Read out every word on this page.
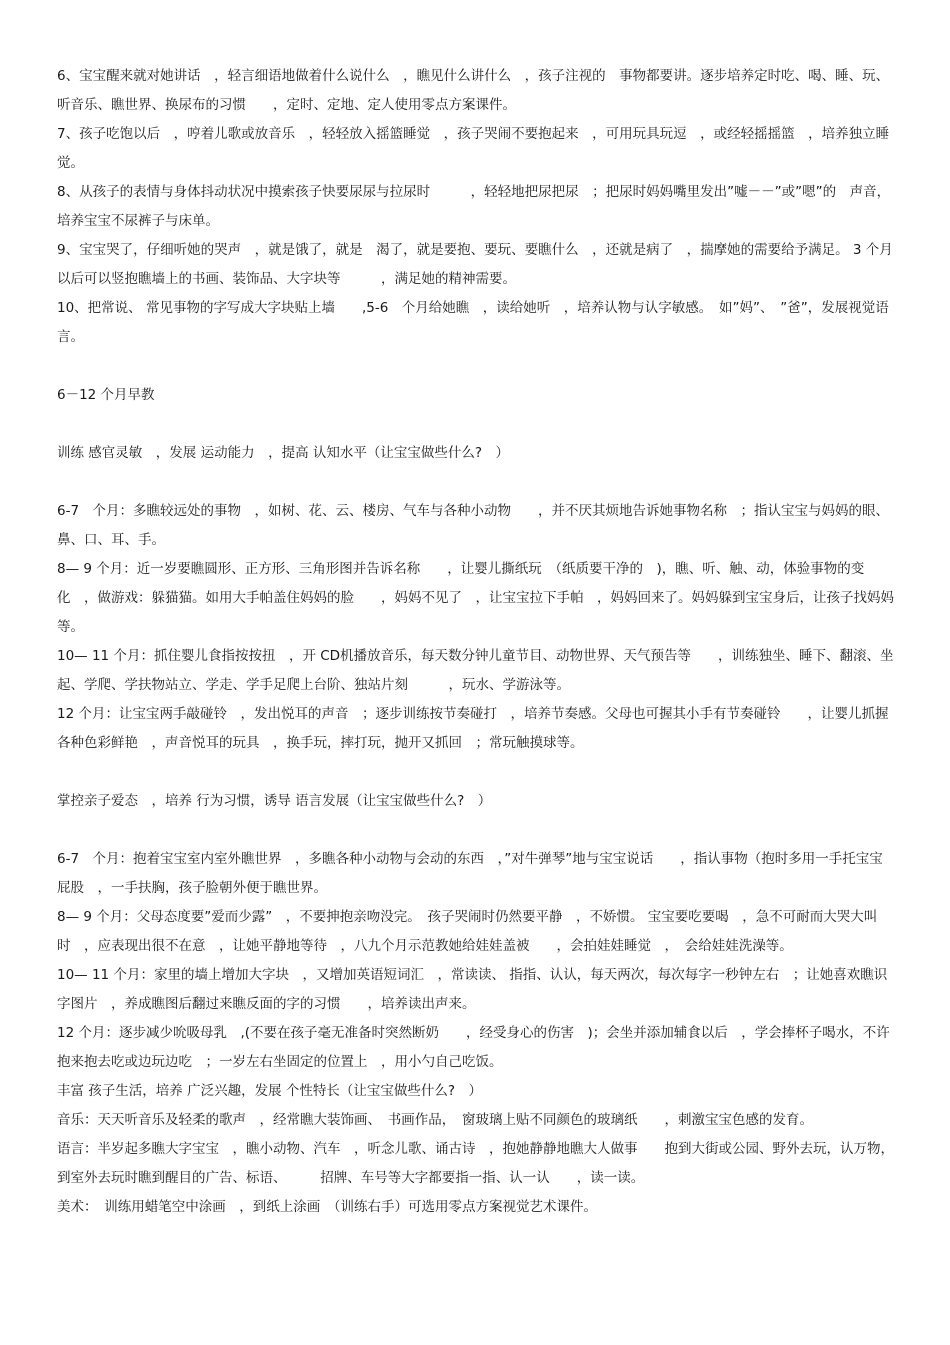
6、宝宝醒来就对她讲话　，轻言细语地做着什么说什么　，瞧见什么讲什么　，孩子注视的　事物都要讲。逐步培养定时吃、喝、睡、玩、听音乐、瞧世界、换尿布的习惯　　，定时、定地、定人使用零点方案课件。

7、孩子吃饱以后　，哼着儿歌或放音乐　，轻轻放入摇篮睡觉　，孩子哭闹不要抱起来　，可用玩具玩逗　，或经轻摇摇篮　，培养独立睡觉。

8、从孩子的表情与身体抖动状况中摸索孩子快要尿尿与拉尿时　　　，轻轻地把尿把尿　；把尿时妈妈嘴里发出”嘘－－”或”嗯”的　声音，培养宝宝不尿裤子与床单。

9、宝宝哭了，仔细听她的哭声　，就是饿了，就是　渴了，就是要抱、要玩、要瞧什么　，还就是病了　，揣摩她的需要给予满足。 3 个月以后可以竖抱瞧墙上的书画、装饰品、大字块等　　　，满足她的精神需要。

10、把常说、 常见事物的字写成大字块贴上墙　　,5-6　个月给她瞧　，读给她听　，培养认物与认字敏感。　如”妈”、　”爸”，发展视觉语言。

6－12 个月早教

训练 感官灵敏　，发展 运动能力　，提高 认知水平（让宝宝做些什么?　）

6-7　个月：多瞧较远处的事物　，如树、花、云、楼房、气车与各种小动物　　，并不厌其烦地告诉她事物名称　；指认宝宝与妈妈的眼、鼻、口、耳、手。

8— 9 个月：近一岁要瞧圆形、正方形、三角形图并告诉名称　　，让婴儿撕纸玩　（纸质要干净的　)，瞧、听、触、动，体验事物的变化　，做游戏：躲猫猫。如用大手帕盖住妈妈的脸　　，妈妈不见了　，让宝宝拉下手帕　，妈妈回来了。妈妈躲到宝宝身后，让孩子找妈妈等。

10— 11 个月：抓住婴儿食指按按扭　，开 CD机播放音乐，每天数分钟儿童节目、动物世界、天气预告等　　，训练独坐、睡下、翻滚、坐起、学爬、学扶物站立、学走、学手足爬上台阶、独站片刻　　　，玩水、学游泳等。

12 个月：让宝宝两手敲碰铃　，发出悦耳的声音　；逐步训练按节奏碰打　，培养节奏感。父母也可握其小手有节奏碰铃　　，让婴儿抓握各种色彩鲜艳　，声音悦耳的玩具　，换手玩，摔打玩，抛开又抓回　；常玩触摸球等。

掌控亲子爱态　，培养 行为习惯，诱导 语言发展（让宝宝做些什么?　）

6-7　个月：抱着宝宝室内室外瞧世界　，多瞧各种小动物与会动的东西　，”对牛弹琴”地与宝宝说话　　，指认事物（抱时多用一手托宝宝屁股　，一手扶胸，孩子脸朝外便于瞧世界。

8— 9 个月：父母态度要”爱而少露”　，不要抻抱亲吻没完。　孩子哭闹时仍然要平静　，不娇惯。 宝宝要吃要喝　，急不可耐而大哭大叫时　，应表现出很不在意　，让她平静地等待　，八九个月示范教她给娃娃盖被　　，会拍娃娃睡觉　，　会给娃娃洗澡等。

10— 11 个月：家里的墙上增加大字块　，又增加英语短词汇　，常读读、 指指、认认，每天两次，每次每字一秒钟左右　；让她喜欢瞧识字图片　，养成瞧图后翻过来瞧反面的字的习惯　　，培养读出声来。

12 个月：逐步减少吮吸母乳　,(不要在孩子毫无准备时突然断奶　　，经受身心的伤害　)；会坐并添加辅食以后　，学会捧杯子喝水，不许抱来抱去吃或边玩边吃　；一岁左右坐固定的位置上　，用小勺自己吃饭。

丰富 孩子生活，培养 广泛兴趣，发展 个性特长（让宝宝做些什么?　）

音乐：天天听音乐及轻柔的歌声　，经常瞧大装饰画、　书画作品，　窗玻璃上贴不同颜色的玻璃纸　　，刺激宝宝色感的发育。

语言：半岁起多瞧大字宝宝　，瞧小动物、汽车　，听念儿歌、诵古诗　，抱她静静地瞧大人做事　　抱到大街或公园、野外去玩，认万物，　到室外去玩时瞧到醒目的广告、标语、　　　招牌、车号等大字都要指一指、认一认　　，读一读。

美术：　训练用蜡笔空中涂画　，到纸上涂画　（训练右手）可选用零点方案视觉艺术课件。
